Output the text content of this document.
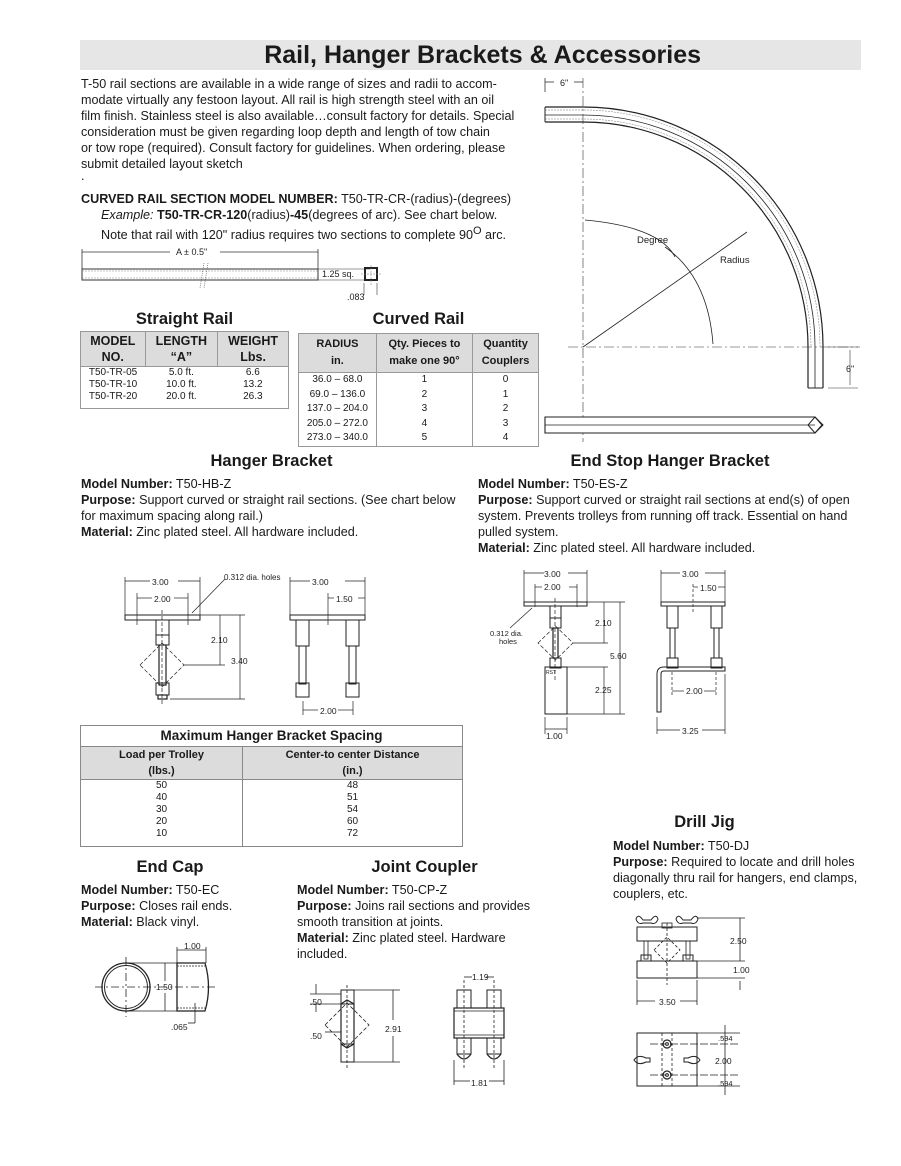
Rail, Hanger Brackets & Accessories
T-50 rail sections are available in a wide range of sizes and radii to accom-
modate virtually any festoon layout. All rail is high strength steel with an oil
film finish. Stainless steel is also available…consult factory for details. Special
consideration must be given regarding loop depth and length of tow chain
or tow rope (required). Consult factory for guidelines. When ordering, please
submit detailed layout sketch
.
CURVED RAIL SECTION MODEL NUMBER: T50-TR-CR-(radius)-(degrees)
Example: T50-TR-CR-120(radius)-45(degrees of arc). See chart below.
Note that rail with 120" radius requires two sections to complete $90^O$ arc.
A ± 0.5"
1.25 sq.
.083
6"
Degree
Radius
6"
Straight Rail
MODEL
NO.

LENGTH
“A”

WEIGHT
Lbs.

T50-TR-05	5.0 ft.	6.6
T50-TR-10	10.0 ft.	13.2
T50-TR-20	20.0 ft.	26.3
Curved Rail
RADIUS
in.

Qty. Pieces to
make one 90°

Quantity
Couplers

36.0 – 68.0	1	0
69.0 – 136.0	2	1
137.0 – 204.0	3	2
205.0 – 272.0	4	3
273.0 – 340.0	5	4
Hanger Bracket
Model Number: T50-HB-Z
Purpose: Support curved or straight rail sections. (See chart below for maximum spacing along rail.)
Material: Zinc plated steel. All hardware included.
3.00
2.00
0.312 dia. holes
2.10
3.40
3.00
1.50
2.00
End Stop Hanger Bracket
Model Number: T50-ES-Z
Purpose: Support curved or straight rail sections at end(s) of open system. Prevents trolleys from running off track. Essential on hand pulled system.
Material: Zinc plated steel. All hardware included.
3.00
2.00
0.312 dia.
holes
2.10
5.60
2.25
RST
1.00
3.00
1.50
2.00
3.25
Maximum Hanger Bracket Spacing
Load per Trolley
(lbs.)

Center-to center Distance
(in.)

50	48
40	51
30	54
20	60
10	72
Drill Jig
Model Number: T50-DJ
Purpose: Required to locate and drill holes diagonally thru rail for hangers, end clamps, couplers, etc.
2.50
1.00
3.50
.594
2.00
.594
End Cap
Model Number: T50-EC
Purpose: Closes rail ends.
Material: Black vinyl.
1.00
1.50
.065
Joint Coupler
Model Number: T50-CP-Z
Purpose: Joins rail sections and provides smooth transition at joints.
Material: Zinc plated steel. Hardware included.
.50
.50
2.91
1.19
1.81
